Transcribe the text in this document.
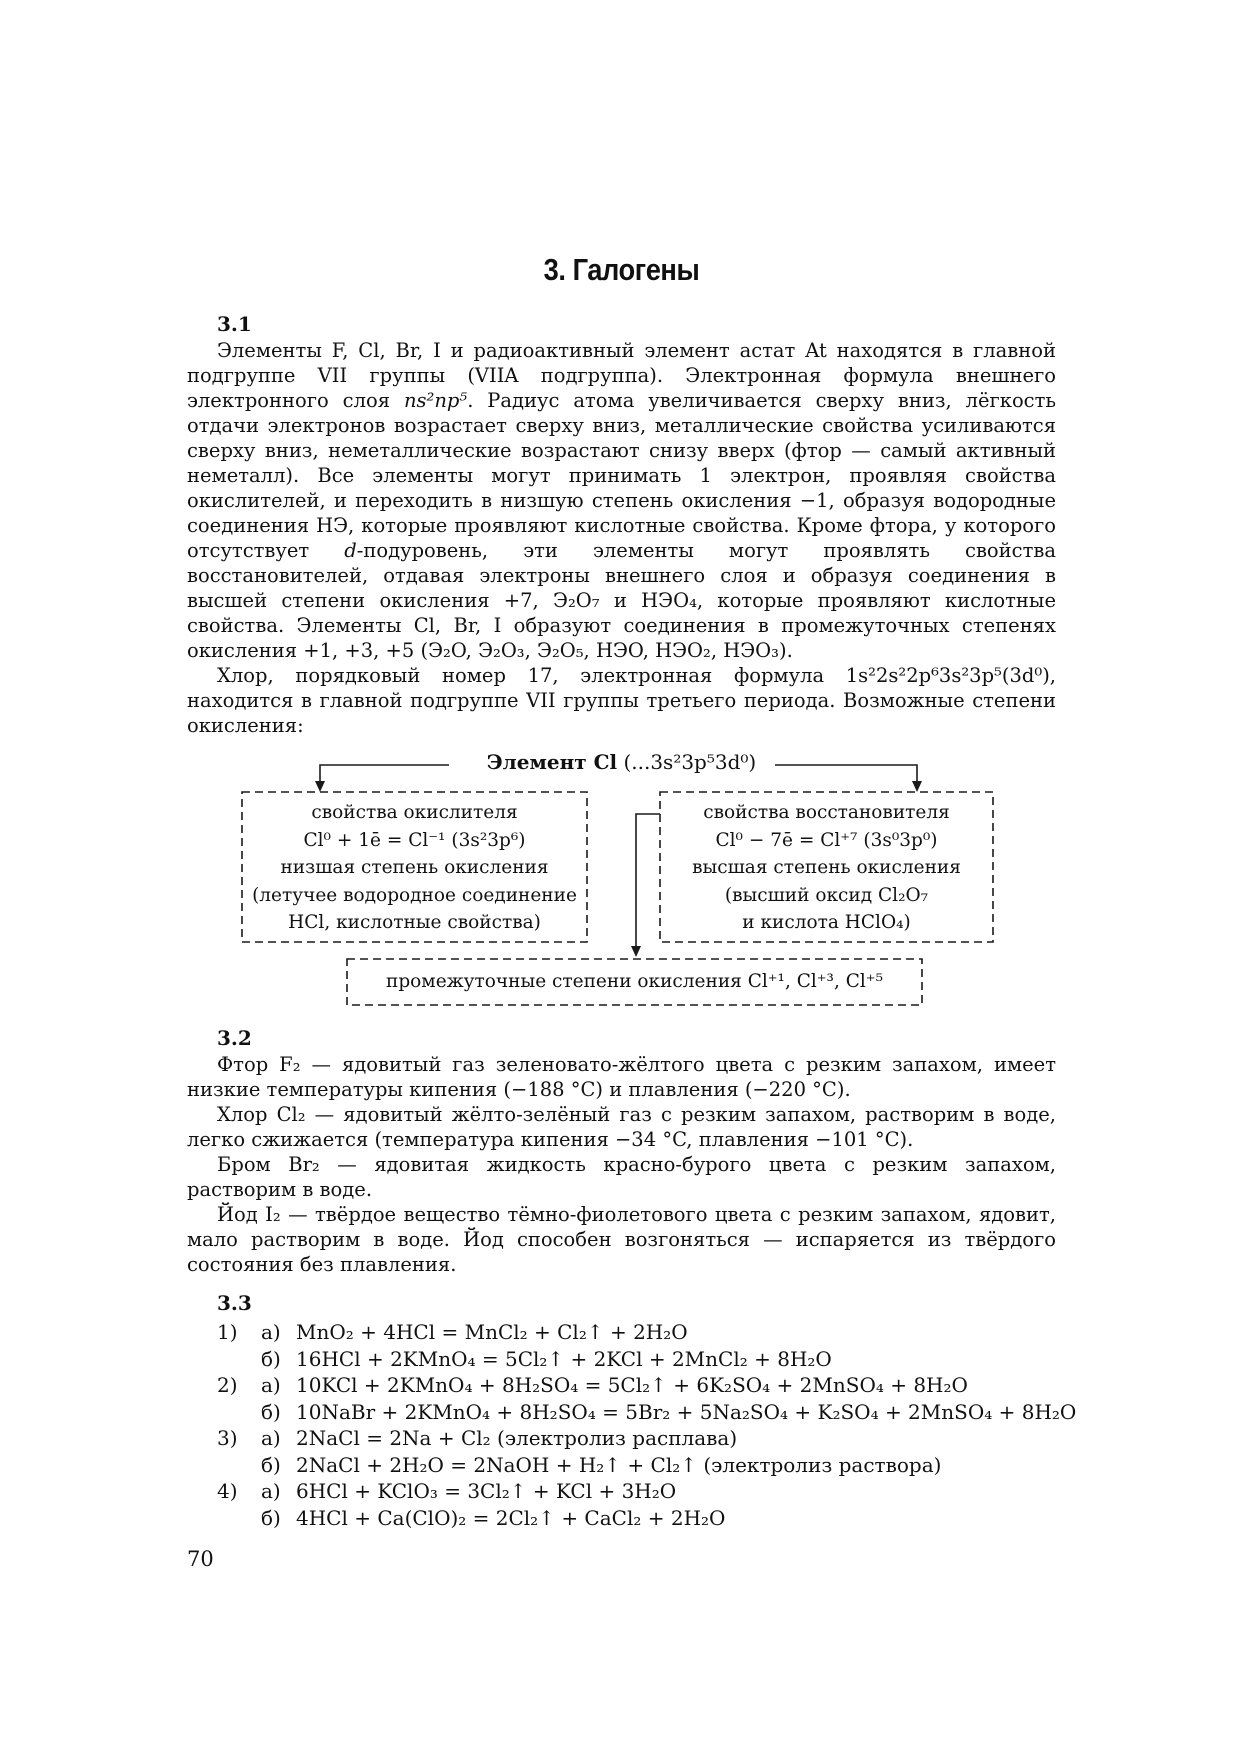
3. Галогены
3.1

Элементы F, Cl, Br, I и радиоактивный элемент астат At находятся в главной подгруппе VII группы (VIIA подгруппа). Электронная формула внешнего электронного слоя ns²np⁵. Радиус атома увеличивается сверху вниз, лёгкость отдачи электронов возрастает сверху вниз, металлические свойства усиливаются сверху вниз, неметаллические возрастают снизу вверх (фтор — самый активный неметалл). Все элементы могут принимать 1 электрон, проявляя свойства окислителей, и переходить в низшую степень окисления −1, образуя водородные соединения HЭ, которые проявляют кислотные свойства. Кроме фтора, у которого отсутствует d-подуровень, эти элементы могут проявлять свойства восстановителей, отдавая электроны внешнего слоя и образуя соединения в высшей степени окисления +7, Э₂O₇ и HЭO₄, которые проявляют кислотные свойства. Элементы Cl, Br, I образуют соединения в промежуточных степенях окисления +1, +3, +5 (Э₂O, Э₂O₃, Э₂O₅, HЭO, HЭO₂, HЭO₃).

Хлор, порядковый номер 17, электронная формула 1s²2s²2p⁶3s²3p⁵(3d⁰), находится в главной подгруппе VII группы третьего периода. Возможные степени окисления:

Элемент Cl (...3s²3p⁵3d⁰)
свойства окислителя
Cl⁰ + 1ē = Cl⁻¹ (3s²3p⁶)
низшая степень окисления
(летучее водородное соединение
HCl, кислотные свойства)
свойства восстановителя
Cl⁰ − 7ē = Cl⁺⁷ (3s⁰3p⁰)
высшая степень окисления
(высший оксид Cl₂O₇
и кислота HClO₄)
промежуточные степени окисления Cl⁺¹, Cl⁺³, Cl⁺⁵
3.2

Фтор F₂ — ядовитый газ зеленовато-жёлтого цвета с резким запахом, имеет низкие температуры кипения (−188 °C) и плавления (−220 °C).

Хлор Cl₂ — ядовитый жёлто-зелёный газ с резким запахом, растворим в воде, легко сжижается (температура кипения −34 °C, плавления −101 °C).

Бром Br₂ — ядовитая жидкость красно-бурого цвета с резким запахом, растворим в воде.

Йод I₂ — твёрдое вещество тёмно-фиолетового цвета с резким запахом, ядовит, мало растворим в воде. Йод способен возгоняться — испаряется из твёрдого состояния без плавления.

3.3
1) а) MnO₂ + 4HCl = MnCl₂ + Cl₂↑ + 2H₂O
б) 16HCl + 2KMnO₄ = 5Cl₂↑ + 2KCl + 2MnCl₂ + 8H₂O
2) а) 10KCl + 2KMnO₄ + 8H₂SO₄ = 5Cl₂↑ + 6K₂SO₄ + 2MnSO₄ + 8H₂O
б) 10NaBr + 2KMnO₄ + 8H₂SO₄ = 5Br₂ + 5Na₂SO₄ + K₂SO₄ + 2MnSO₄ + 8H₂O
3) а) 2NaCl = 2Na + Cl₂ (электролиз расплава)
б) 2NaCl + 2H₂O = 2NaOH + H₂↑ + Cl₂↑ (электролиз раствора)
4) а) 6HCl + KClO₃ = 3Cl₂↑ + KCl + 3H₂O
б) 4HCl + Ca(ClO)₂ = 2Cl₂↑ + CaCl₂ + 2H₂O
70
